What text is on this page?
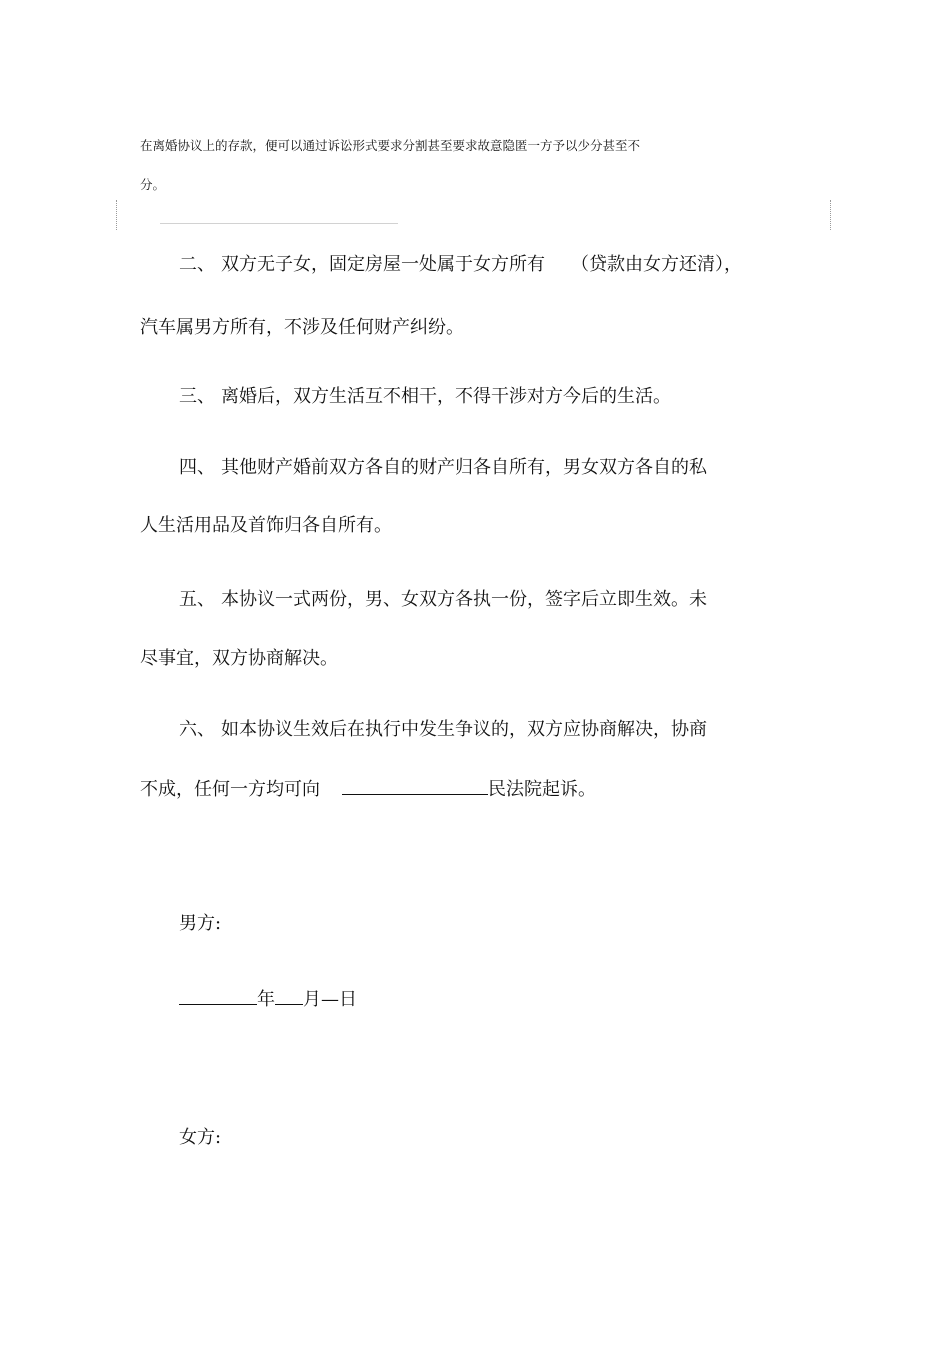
在离婚协议上的存款，便可以通过诉讼形式要求分割甚至要求故意隐匿一方予以少分甚至不
分。
二、 双方无子女，固定房屋一处属于女方所有 （贷款由女方还清），
汽车属男方所有，不涉及任何财产纠纷。
三、 离婚后，双方生活互不相干，不得干涉对方今后的生活。
四、 其他财产婚前双方各自的财产归各自所有，男女双方各自的私
人生活用品及首饰归各自所有。
五、 本协议一式两份，男、女双方各执一份，签字后立即生效。未
尽事宜，双方协商解决。
六、 如本协议生效后在执行中发生争议的，双方应协商解决，协商
不成，任何一方均可向	民法院起诉。
男方:
年 月—日
女方:
